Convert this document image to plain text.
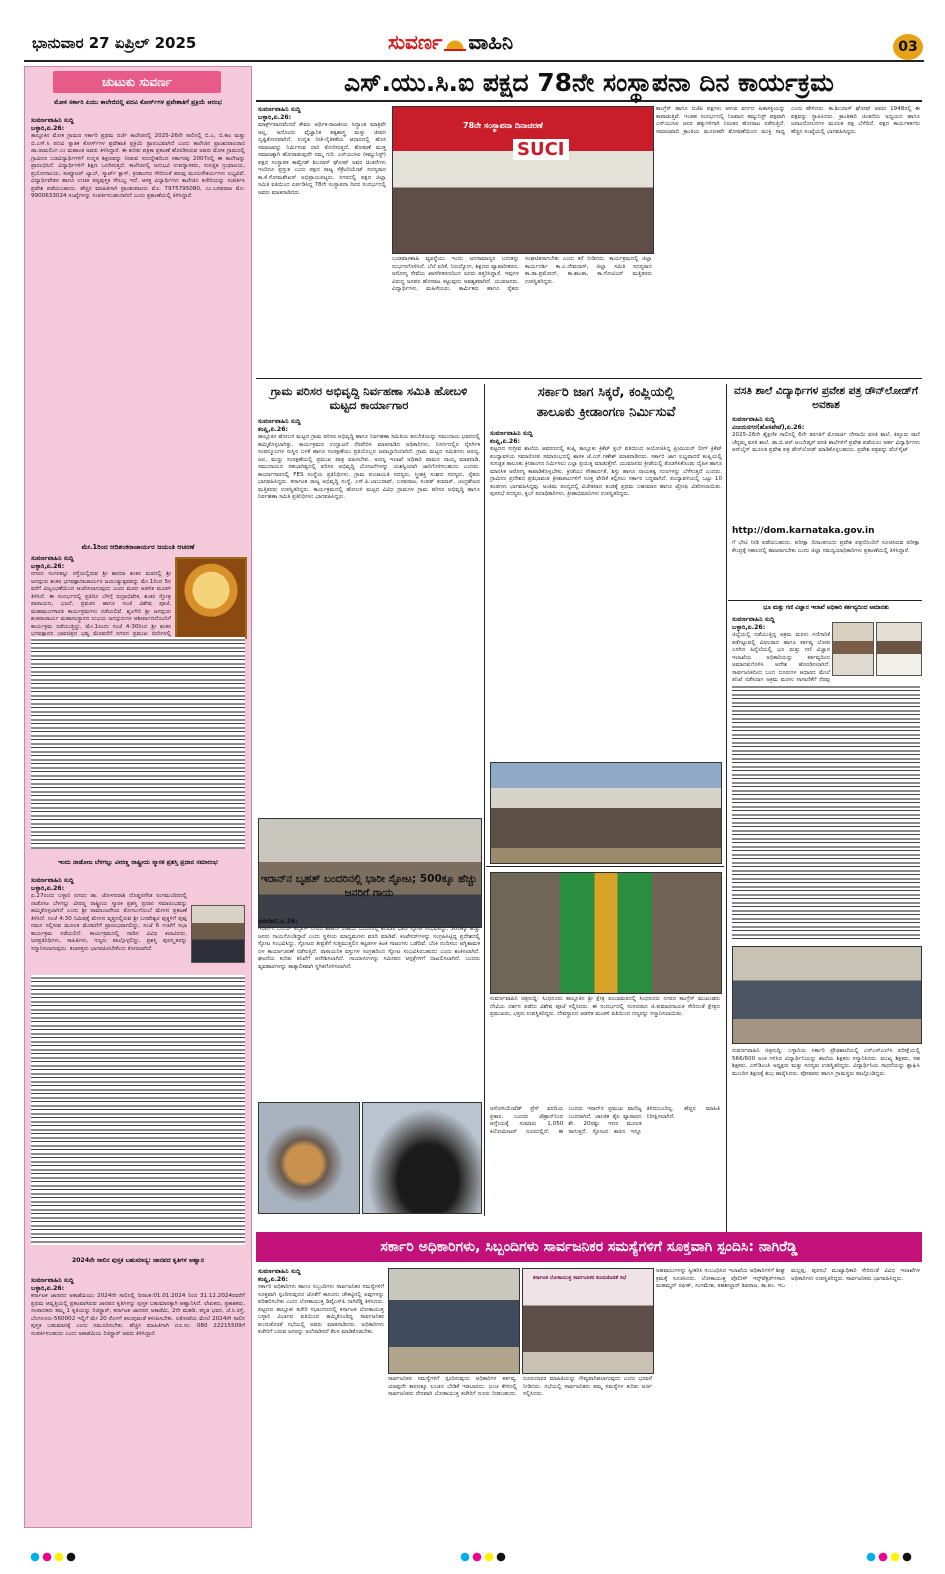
ಭಾನುವಾರ 27 ಏಪ್ರಿಲ್ 2025	ಸುವರ್ಣ ವಾಹಿನಿ	03
ಚುಟುಕು ಸುವರ್ಣ
ಮೋಕ ಸರ್ಕಾರಿ ಪಿಯು ಕಾಲೇಜಿನಲ್ಲಿ ಪದವಿ ಕೋರ್ಸ್‌ಗಳ ಪ್ರವೇಶಾತಿಗೆ ಪ್ರಕ್ರಿಯೆ ಆರಂಭ
ಸುವರ್ಣವಾಹಿನಿ ಸುದ್ದಿ
ಬಳ್ಳಾರಿ,ಏ.26:
ತಾಲ್ಲೂಕಿನ ಮೋಕ ಗ್ರಾಮದ ಸರ್ಕಾರಿ ಪ್ರಥಮ ದರ್ಜೆ ಕಾಲೇಜಿನಲ್ಲಿ 2025-26ನೇ ಸಾಲಿನಲ್ಲಿ ಬಿ.ಎ, ಬಿ.ಕಾಂ ಮತ್ತು ಬಿ.ಎಸ್.ಸಿ ಪದವಿ ಸ್ನಾತಕ ಕೋರ್ಸ್‌ಗಳ ಪ್ರವೇಶಾತಿ ಪ್ರಕ್ರಿಯೆ ಪ್ರಾರಂಭವಾಗಿದೆ ಎಂದು ಕಾಲೇಜಿನ ಪ್ರಾಂಶುಪಾಲರಾದ ಡಾ.ರಾಮಲಿಂಗ ಎಂ ಮಹಾಂತ ಅವರು ತಿಳಿಸಿದ್ದಾರೆ. ಈ ಕುರಿತು ಪತ್ರಿಕಾ ಪ್ರಕಟಣೆ ಹೊರಡಿಸಿರುವ ಅವರು ಮೋಕ ಗ್ರಾಮದಲ್ಲಿ ಗ್ರಾಮೀಣ ಬಡವಿದ್ಯಾರ್ಥಿಗಳಿಗೆ ಉನ್ನತ ಶಿಕ್ಷಣವನ್ನು ನೀಡುವ ಸದುದ್ದೇಶದಿಂದ ಸರ್ಕಾರವು 2007ರಲ್ಲಿ ಈ ಕಾಲೇಜನ್ನು ಪ್ರಾರಂಭಿಸಿದೆ. ವಿದ್ಯಾರ್ಥಿಗಳಿಗೆ ಶಿಕ್ಷಣ ಒದಗಿಸುತ್ತಿದೆ. ಕಾಲೇಜಿನಲ್ಲಿ ಅನುಭವಿ ಉಪನ್ಯಾಸಕರು, ಸುಸಜ್ಜಿತ ಗ್ರಂಥಾಲಯ, ಪ್ರಯೋಗಾಲಯ, ಕಂಪ್ಯೂಟರ್ ಲ್ಯಾಬ್, ಸ್ಮಾರ್ಟ್ ಕ್ಲಾಸ್, ಕ್ರೀಡಾಂಗಣ ಸೇರಿದಂತೆ ಹಲವು ಮೂಲಸೌಕರ್ಯಗಳು ಲಭ್ಯವಿವೆ. ವಿದ್ಯಾರ್ಥಿವೇತನ ಹಾಗೂ ಉಚಿತ ಪಠ್ಯಪುಸ್ತಕ ಸೌಲಭ್ಯ ಇದೆ. ಆಸಕ್ತ ವಿದ್ಯಾರ್ಥಿಗಳು ಕಾಲೇಜಿನ ಕಚೇರಿಯನ್ನು ಸಂಪರ್ಕಿಸಿ ಪ್ರವೇಶ ಪಡೆಯಬಹುದು. ಹೆಚ್ಚಿನ ಮಾಹಿತಿಗಾಗಿ ಪ್ರಾಂಶುಪಾಲರು ಮೊ: 7975795080, ಎಂ.ಬಸವರಾಜ ಮೊ: 9900633024 ಸಂಖ್ಯೆಗಳನ್ನು ಸಂಪರ್ಕಿಸಬಹುದಾಗಿದೆ ಎಂದು ಪ್ರಕಟಣೆಯಲ್ಲಿ ತಿಳಿಸಿದ್ದಾರೆ.
ಮೇ.1ರಿಂದ ಆದಿಶಂಕರಾಚಾರ್ಯರ ಜಯಂತಿ ಆಚರಣೆ
ಸುವರ್ಣವಾಹಿನಿ ಸುದ್ದಿ
ಬಳ್ಳಾರಿ,ಏ.26:
ನಗರದ ಸಂಗನಕಲ್ಲು ರಸ್ತೆಯಲ್ಲಿರುವ ಶ್ರೀ ಶಾರದಾ ಶಂಕರ ಮಠದಲ್ಲಿ ಶ್ರೀ ಜಗದ್ಗುರು ಶಂಕರ ಭಗವತ್ಪಾದಾಚಾರ್ಯರ ಜಯಂತ್ಯುತ್ಸವವನ್ನು ಮೇ.1ರಿಂದ 5ರ ವರೆಗೆ ವಿಜೃಂಭಣೆಯಿಂದ ಆಚರಿಸಲಾಗುವುದು ಎಂದು ಮಠದ ಆಡಳಿತ ಮಂಡಳಿ ತಿಳಿಸಿದೆ. ಈ ಸಂದರ್ಭದಲ್ಲಿ ಪ್ರತಿದಿನ ಬೆಳಿಗ್ಗೆ ರುದ್ರಾಭಿಷೇಕ, ಶಂಕರ ಸ್ತೋತ್ರ ಪಾರಾಯಣ, ಭಜನೆ, ಪ್ರವಚನ ಹಾಗೂ ಸಂಜೆ ವಿಶೇಷ ಪೂಜೆ, ಮಹಾಮಂಗಳಾರತಿ ಕಾರ್ಯಕ್ರಮಗಳು ನಡೆಯಲಿವೆ. ಶೃಂಗೇರಿ ಶ್ರೀ ಜಗದ್ಗುರು ಶಂಕರಾಚಾರ್ಯ ಮಹಾಸಂಸ್ಥಾನದ ಉಭಯ ಜಗದ್ಗುರುಗಳ ಆಶೀರ್ವಾದದೊಂದಿಗೆ ಕಾರ್ಯಕ್ರಮ ನಡೆಯುತ್ತಿದ್ದು, ಮೇ.1ರಂದು ಸಂಜೆ 4-30ರಿಂದ ಶ್ರೀ ಶಂಕರ ಭಗವತ್ಪಾದರ ಭಾವಚಿತ್ರದ ಭವ್ಯ ಮೆರವಣಿಗೆ ನಗರದ ಪ್ರಮುಖ ಬೀದಿಗಳಲ್ಲಿ
ಇಂದು ನಾಡೋಜ ಬೆಳಗಲ್ಲು ವೀರಣ್ಣ ರಾಷ್ಟ್ರೀಯ ಸ್ಮಾರಕ ಪ್ರಶಸ್ತಿ ಪ್ರದಾನ ಸಮಾರಂಭ
ಸುವರ್ಣವಾಹಿನಿ ಸುದ್ದಿ
ಬಳ್ಳಾರಿ,ಏ.26:
ಏ.27ರಂದು ಬಳ್ಳಾರಿ ನಗರದ ಡಾ. ಜೋಳದರಾಶಿ ದೊಡ್ಡನಗೌಡ ರಂಗಮಂದಿರದಲ್ಲಿ ನಾಡೋಜ ಬೆಳಗಲ್ಲು ವೀರಣ್ಣ ರಾಷ್ಟ್ರೀಯ ಸ್ಮಾರಕ ಪ್ರಶಸ್ತಿ ಪ್ರದಾನ ಸಮಾರಂಭವನ್ನು ಹಮ್ಮಿಕೊಳ್ಳಲಾಗಿದೆ ಎಂದು ಶ್ರೀ ರಾಮಾಂಜನೇಯ ತೊಗಲುಗೊಂಬೆ ಮೇಳದ ಪ್ರಕಟಣೆ ತಿಳಿಸಿದೆ. ಸಂಜೆ 4:30 ನಿಮಿಷಕ್ಕೆ ಮೇಳದ ವೃತ್ತದಲ್ಲಿರುವ ಶ್ರೀ ಬಸವೇಶ್ವರ ಪುತ್ಥಳಿಗೆ ಪುಷ್ಪ ನಮನ ಸಲ್ಲಿಸುವ ಮೂಲಕ ಮೆರವಣಿಗೆ ಪ್ರಾರಂಭವಾಗಲಿದ್ದು, ಸಂಜೆ 6 ಗಂಟೆಗೆ ಸಭಾ ಕಾರ್ಯಕ್ರಮ ನಡೆಯಲಿದೆ. ಕಾರ್ಯಕ್ರಮದಲ್ಲಿ ನಾಡಿನ ವಿವಿಧ ಕಲಾವಿದರು, ಜನಪ್ರತಿನಿಧಿಗಳು, ಸಾಹಿತಿಗಳು, ಗಣ್ಯರು ಪಾಲ್ಗೊಳ್ಳಲಿದ್ದು, ಪ್ರಶಸ್ತಿ ಪುರಸ್ಕೃತರನ್ನು ಸನ್ಮಾನಿಸಲಾಗುವುದು. ಕಲಾಸಕ್ತರು ಭಾಗವಹಿಸಬೇಕೆಂದು ಕೋರಲಾಗಿದೆ.
2024ನೇ ಸಾಲಿನ ಪುಸ್ತಕ ಬಹುಮಾನ್ಯ: ಜಾನಪದ ಕೃತಿಗಳ ಆಹ್ವಾನ
ಸುವರ್ಣವಾಹಿನಿ ಸುದ್ದಿ
ಬಳ್ಳಾರಿ,ಏ.26:
ಕರ್ನಾಟಕ ಜಾನಪದ ಅಕಾಡೆಮಿಯು 2024ನೇ ಸಾಲಿನಲ್ಲಿ ದಿನಾಂಕ:01.01.2024 ರಿಂದ 31.12.2024ರವರೆಗೆ ಪ್ರಥಮ ಆವೃತ್ತಿಯಲ್ಲಿ ಪ್ರಕಟವಾಗಿರುವ ಜಾನಪದ ಕೃತಿಗಳನ್ನು ಪುಸ್ತಕ ಬಹುಮಾನಕ್ಕಾಗಿ ಆಹ್ವಾನಿಸಿದೆ. ಲೇಖಕರು, ಪ್ರಕಾಶಕರು, ಸಂಪಾದಕರು ತಮ್ಮ 1 ಕೃತಿಯನ್ನು ರಿಜಿಸ್ಟ್ರಾರ್, ಕರ್ನಾಟಕ ಜಾನಪದ ಅಕಾಡೆಮಿ, 2ನೇ ಮಹಡಿ, ಕನ್ನಡ ಭವನ, ಜೆ.ಸಿ.ರಸ್ತೆ, ಬೆಂಗಳೂರು-560002 ಇಲ್ಲಿಗೆ ಮೇ 20 ರೊಳಗೆ ತಲುಪುವಂತೆ ಕಳುಹಿಸಬೇಕು. ಲಕೋಟೆಯ ಮೇಲೆ 2024ನೇ ಸಾಲಿನ ಪುಸ್ತಕ ಬಹುಮಾನಕ್ಕೆ ಎಂದು ನಮೂದಿಸಬೇಕು. ಹೆಚ್ಚಿನ ಮಾಹಿತಿಗಾಗಿ ದೂ.ಸಂ: 080 22215509ಗೆ ಸಂಪರ್ಕಿಸಬಹುದು ಎಂದು ಅಕಾಡೆಮಿಯ ರಿಜಿಸ್ಟ್ರಾರ್ ಅವರು ತಿಳಿಸಿದ್ದಾರೆ.
ಎಸ್.ಯು.ಸಿ.ಐ ಪಕ್ಷದ 78ನೇ ಸಂಸ್ಥಾಪನಾ ದಿನ ಕಾರ್ಯಕ್ರಮ
ಸುವರ್ಣವಾಹಿನಿ ಸುದ್ದಿ
ಬಳ್ಳಾರಿ,ಏ.26:
ಮಾರ್ಕ್ಸ್‌ವಾದವೆಂದರೆ ಕೇವಲ ಆರ್ಥಿಕ-ರಾಜಕೀಯ ಸಿದ್ಧಾಂತ ಮಾತ್ರವೇ ಅಲ್ಲ, ಅದೊಂದು ವೈಜ್ಞಾನಿಕ ತತ್ವಶಾಸ್ತ್ರ ಮತ್ತು ಜೀವನ ದೃಷ್ಟಿಕೋನವಾಗಿದೆ. ಉನ್ನತ ನೀತಿ-ನೈತಿಕತೆಯ ಆಧಾರದಲ್ಲಿ ಹೊಸ ಸಮಾಜವನ್ನು ನಿರ್ಮಿಸುವ ದಾರಿ ತೋರಿಸುತ್ತದೆ. ಶೋಷಣೆ ಮುಕ್ತ ಸಮಾಜಕ್ಕಾಗಿ ಹೋರಾಡುವುದೇ ನಮ್ಮ ಗುರಿ. ಎಸ್‌ಯುಸಿಐ (ಕಮ್ಯುನಿಸ್ಟ್) ಪಕ್ಷದ ಸಂಸ್ಥಾಪಕ ಕಾಮ್ರೇಡ್ ಶಿಬದಾಸ್ ಘೋಷ್ ಅವರ ಚಿಂತನೆಗಳು ಇಂದಿಗೂ ಪ್ರಸ್ತುತ ಎಂದು ಪಕ್ಷದ ರಾಜ್ಯ ಸೆಕ್ರೆಟರಿಯೇಟ್ ಸದಸ್ಯರಾದ ಕಾ.ಕೆ.ಸೋಮಶೇಖರ್ ಅಭಿಪ್ರಾಯಪಟ್ಟರು. ನಗರದಲ್ಲಿ ಪಕ್ಷದ ಜಿಲ್ಲಾ ಸಮಿತಿ ವತಿಯಿಂದ ಏರ್ಪಡಿಸಿದ್ದ 78ನೇ ಸಂಸ್ಥಾಪನಾ ದಿನದ ಸಂದರ್ಭದಲ್ಲಿ ಅವರು ಮಾತನಾಡಿದರು.
78ನೇ ಸಂಸ್ಥಾಪನಾ ದಿನಾಚರಣೆ
SUCI
ಬಂಡವಾಳಶಾಹಿ ವ್ಯವಸ್ಥೆಯು ಇಂದು ಜನಸಾಮಾನ್ಯರ ಬದುಕನ್ನು ದುರ್ಭರಗೊಳಿಸಿದೆ. ಬೆಲೆ ಏರಿಕೆ, ನಿರುದ್ಯೋಗ, ಶಿಕ್ಷಣದ ವ್ಯಾಪಾರೀಕರಣ, ಆರೋಗ್ಯ ಸೇವೆಯ ಖಾಸಗೀಕರಣದಿಂದ ಜನರು ತತ್ತರಿಸಿದ್ದಾರೆ. ಇವುಗಳ ವಿರುದ್ಧ ಜನಪರ ಹೋರಾಟ ಕಟ್ಟುವುದು ಅವಶ್ಯಕವಾಗಿದೆ. ಯುವಜನರು, ವಿದ್ಯಾರ್ಥಿಗಳು, ಮಹಿಳೆಯರು, ಕಾರ್ಮಿಕರು ಹಾಗೂ ರೈತರು ಸಂಘಟಿತರಾಗಬೇಕು ಎಂದು ಕರೆ ನೀಡಿದರು. ಕಾರ್ಯಕ್ರಮದಲ್ಲಿ ಜಿಲ್ಲಾ ಕಾರ್ಯದರ್ಶಿ ಕಾ.ಎ.ದೇವದಾಸ್, ಜಿಲ್ಲಾ ಸಮಿತಿ ಸದಸ್ಯರಾದ ಕಾ.ಡಾ.ಪ್ರಮೋದ್, ಕಾ.ಶಾಂತಾ, ಕಾ.ಗೋವಿಂದ್ ಮತ್ತಿತರರು ಉಪಸ್ಥಿತರಿದ್ದರು.
ಕಾಂಗ್ರೆಸ್ ಹಾಗೂ ಬಿಜೆಪಿ ಪಕ್ಷಗಳು ಆಳುವ ವರ್ಗದ ಹಿತಾಸಕ್ತಿಯನ್ನು ಕಾಪಾಡುತ್ತಿವೆ. ಇಂತಹ ಸಂದರ್ಭದಲ್ಲಿ ನಿಜವಾದ ಕಮ್ಯುನಿಸ್ಟ್ ಪಕ್ಷವಾಗಿ ಎಸ್‌ಯುಸಿಐ ಜನರ ಹಕ್ಕುಗಳಿಗಾಗಿ ನಿರಂತರ ಹೋರಾಟ ನಡೆಸುತ್ತಿದೆ. ಸಮಾಜವಾದಿ ಕ್ರಾಂತಿಯ ಮೂಲಕವೇ ಶೋಷಣೆಯಿಂದ ಮುಕ್ತಿ ಸಾಧ್ಯ ಎಂದು ಹೇಳಿದರು. ಕಾ.ಶಿಬದಾಸ್ ಘೋಷ್ ಅವರು 1948ರಲ್ಲಿ ಈ ಪಕ್ಷವನ್ನು ಸ್ಥಾಪಿಸಿದರು. ಕ್ರಾಂತಿಕಾರಿ ಚಿಂತನೆಯ ಅಧ್ಯಯನ ಹಾಗೂ ಜನಾಂದೋಲನಗಳ ಮೂಲಕ ಪಕ್ಷ ಬೆಳೆದಿದೆ. ಪಕ್ಷದ ಕಾರ್ಯಕರ್ತರು ಹೆಚ್ಚಿನ ಸಂಖ್ಯೆಯಲ್ಲಿ ಭಾಗವಹಿಸಿದ್ದರು.
ಗ್ರಾಮ ಪರಿಸರ ಅಭಿವೃದ್ದಿ ನಿರ್ವಹಣಾ ಸಮಿತಿ ಹೋಬಳಿ ಮಟ್ಟದ ಕಾರ್ಯಾಗಾರ
ಸುವರ್ಣವಾಹಿನಿ ಸುದ್ದಿ
ಕಂಪ್ಲಿ,ಏ.26:
ತಾಲ್ಲೂಕಿನ ಹೋಬಳಿ ಮಟ್ಟದ ಗ್ರಾಮ ಪರಿಸರ ಅಭಿವೃದ್ಧಿ ಹಾಗೂ ನಿರ್ವಹಣಾ ಸಮಿತಿಯ ತರಬೇತಿಯನ್ನು ಸಮುದಾಯ ಭವನದಲ್ಲಿ ಹಮ್ಮಿಕೊಳ್ಳಲಾಗಿತ್ತು. ಕಾರ್ಯಕ್ರಮದ ಉದ್ಘಾಟನೆ ನೆರವೇರಿಸಿ ಮಾತನಾಡಿದ ಅಧಿಕಾರಿಗಳು, ನಿಸರ್ಗದಲ್ಲಿನ ನೈಸರ್ಗಿಕ ಸಂಪನ್ಮೂಲಗಳ ಸುಸ್ಥಿರ ಬಳಕೆ ಹಾಗೂ ಸಂರಕ್ಷಣೆಯು ಪ್ರತಿಯೊಬ್ಬರ ಜವಾಬ್ದಾರಿಯಾಗಿದೆ. ಗ್ರಾಮ ಮಟ್ಟದ ಸಮಿತಿಗಳು ಅರಣ್ಯ, ಜಲ, ಮಣ್ಣು ಸಂರಕ್ಷಣೆಯಲ್ಲಿ ಪ್ರಮುಖ ಪಾತ್ರ ವಹಿಸಬೇಕು. ಅರಣ್ಯ ಇಲಾಖೆ ಅಧಿಕಾರಿ ವಾಮನ ನಾಯ್ಕ ಮಾತನಾಡಿ, ಸಮುದಾಯದ ಸಹಭಾಗಿತ್ವದಲ್ಲಿ ಪರಿಸರ ಅಭಿವೃದ್ಧಿ ಯೋಜನೆಗಳನ್ನು ಯಶಸ್ವಿಯಾಗಿ ಜಾರಿಗೊಳಿಸಬಹುದು ಎಂದರು. ಕಾರ್ಯಾಗಾರದಲ್ಲಿ FES ಸಂಸ್ಥೆಯ ಪ್ರತಿನಿಧಿಗಳು, ಗ್ರಾಮ ಪಂಚಾಯತಿ ಸದಸ್ಯರು, ಸ್ತ್ರೀಶಕ್ತಿ ಸಂಘದ ಸದಸ್ಯರು, ರೈತರು ಭಾಗವಹಿಸಿದ್ದರು. ಕರ್ನಾಟಕ ರಾಜ್ಯ ಅಭಿವೃದ್ಧಿ ಸಂಸ್ಥೆ, ಎಸ್.ಪಿ.ಬಾಬುರಾವ್, ಬಸವರಾಜ, ಸಂಪತ್ ಕುಮಾರ್, ಚಂದ್ರಶೇಖರ ಮತ್ತಿತರರು ಉಪಸ್ಥಿತರಿದ್ದರು. ಕಾರ್ಯಕ್ರಮದಲ್ಲಿ ಹೋಬಳಿ ಮಟ್ಟದ ವಿವಿಧ ಗ್ರಾಮಗಳ ಗ್ರಾಮ ಪರಿಸರ ಅಭಿವೃದ್ಧಿ ಹಾಗೂ ನಿರ್ವಹಣಾ ಸಮಿತಿ ಪ್ರತಿನಿಧಿಗಳು ಭಾಗವಹಿಸಿದ್ದರು.
ಸರ್ಕಾರಿ ಜಾಗ ಸಿಕ್ಕರೆ, ಕಂಪ್ಲಿಯಲ್ಲಿ
ತಾಲೂಕು ಕ್ರೀಡಾಂಗಣ ನಿರ್ಮಿಸುವೆ
ಸುವರ್ಣವಾಹಿನಿ ಸುದ್ದಿ
ಕಂಪ್ಲಿ,ಏ.26:
ಪಟ್ಟಣದ ಸುಗ್ರೀವ ಶಾಲೆಯ ಆವರಣದಲ್ಲಿ ಕಂಪ್ಲಿ ತಾಲ್ಲೂಕು ಕ್ರಿಕೆಟ್ ಕ್ಲಬ್ ವತಿಯಿಂದ ಆಯೋಜಿಸಿದ್ದ ಪ್ರೀಮಿಯರ್ ಲೀಗ್ ಕ್ರಿಕೆಟ್ ಪಂದ್ಯಾವಳಿಯ ಸಮಾರೋಪ ಸಮಾರಂಭದಲ್ಲಿ ಶಾಸಕ ಜೆ.ಎನ್.ಗಣೇಶ್ ಮಾತನಾಡಿದರು. ಸರ್ಕಾರಿ ಜಾಗ ಲಭ್ಯವಾದರೆ ಕಂಪ್ಲಿಯಲ್ಲಿ ಸುಸಜ್ಜಿತ ತಾಲೂಕು ಕ್ರೀಡಾಂಗಣ ನಿರ್ಮಿಸಲು ಎಲ್ಲಾ ಪ್ರಯತ್ನ ಮಾಡುತ್ತೇನೆ. ಯುವಜನರು ಕ್ರೀಡೆಯಲ್ಲಿ ತೊಡಗಿಸಿಕೊಂಡು ದೈಹಿಕ ಹಾಗೂ ಮಾನಸಿಕ ಆರೋಗ್ಯ ಕಾಪಾಡಿಕೊಳ್ಳಬೇಕು. ಕ್ರೀಡೆಯು ಸೌಹಾರ್ದತೆ, ಶಿಸ್ತು ಹಾಗೂ ನಾಯಕತ್ವ ಗುಣಗಳನ್ನು ಬೆಳೆಸುತ್ತದೆ ಎಂದರು. ಗ್ರಾಮೀಣ ಪ್ರದೇಶದ ಪ್ರತಿಭಾವಂತ ಕ್ರೀಡಾಪಟುಗಳಿಗೆ ಸೂಕ್ತ ವೇದಿಕೆ ಕಲ್ಪಿಸಲು ಸರ್ಕಾರ ಬದ್ಧವಾಗಿದೆ. ಪಂದ್ಯಾವಳಿಯಲ್ಲಿ ಒಟ್ಟು 10 ತಂಡಗಳು ಭಾಗವಹಿಸಿದ್ದವು. ಅಂತಿಮ ಪಂದ್ಯದಲ್ಲಿ ವಿಜೇತರಾದ ತಂಡಕ್ಕೆ ಪ್ರಥಮ ಬಹುಮಾನ ಹಾಗೂ ಟ್ರೋಫಿ ವಿತರಿಸಲಾಯಿತು. ಪುರಸಭೆ ಸದಸ್ಯರು, ಕ್ಲಬ್ ಪದಾಧಿಕಾರಿಗಳು, ಕ್ರೀಡಾಭಿಮಾನಿಗಳು ಉಪಸ್ಥಿತರಿದ್ದರು.
ವಸತಿ ಶಾಲೆ ವಿದ್ಯಾರ್ಥಿಗಳ ಪ್ರವೇಶ ಪತ್ರ ಡೌನ್‌ಲೋಡ್‌ಗೆ ಅವಕಾಶ
ಸುವರ್ಣವಾಹಿನಿ ಸುದ್ದಿ
ವಿಜಯನಗರ(ಹೊಸಪೇಟೆ),ಏ.26:
2025-26ನೇ ಶೈಕ್ಷಣಿಕ ಸಾಲಿನಲ್ಲಿ 6ನೇ ತರಗತಿಗೆ ಮೊರಾರ್ಜಿ ದೇಸಾಯಿ ವಸತಿ ಶಾಲೆ, ಕಿತ್ತೂರು ರಾಣಿ ಚೆನ್ನಮ್ಮ ವಸತಿ ಶಾಲೆ, ಡಾ.ಬಿ.ಆರ್.ಅಂಬೇಡ್ಕರ್ ವಸತಿ ಶಾಲೆಗಳಿಗೆ ಪ್ರವೇಶ ಪಡೆಯಲು ಅರ್ಹ ವಿದ್ಯಾರ್ಥಿಗಳು ಆನ್‌ಲೈನ್ ಮೂಲಕ ಪ್ರವೇಶ ಪತ್ರ ಡೌನ್‌ಲೋಡ್ ಮಾಡಿಕೊಳ್ಳಬಹುದು. ಪ್ರವೇಶ ಪತ್ರವನ್ನು ವೆಬ್‌ಸೈಟ್
http://dom.karnataka.gov.in
ಗೆ ಭೇಟಿ ನೀಡಿ ಪಡೆಯಬಹುದು. ಪರೀಕ್ಷಾ ದಿನಾಂಕದಂದು ಪ್ರವೇಶ ಪತ್ರದೊಂದಿಗೆ ಸೂಚಿಸಿರುವ ಪರೀಕ್ಷಾ ಕೇಂದ್ರಕ್ಕೆ ಸಕಾಲದಲ್ಲಿ ಹಾಜರಾಗಬೇಕು ಎಂದು ಜಿಲ್ಲಾ ಸಮನ್ವಯಾಧಿಕಾರಿಗಳು ಪ್ರಕಟಣೆಯಲ್ಲಿ ತಿಳಿಸಿದ್ದಾರೆ.
ಭೂ ಮತ್ತು ಗಣಿ ವಿಜ್ಞಾನ ಇಲಾಖೆ ಅಧಿಕಾರಿ ಕರ್ತವ್ಯದಿಂದ ಅಮಾನತು
ಸುವರ್ಣವಾಹಿನಿ ಸುದ್ದಿ
ಬಳ್ಳಾರಿ,ಏ.26:
ಜಿಲ್ಲೆಯಲ್ಲಿ ನಡೆಯುತ್ತಿದ್ದ ಅಕ್ರಮ ಮರಳು ಗಣಿಗಾರಿಕೆ ತಡೆಗಟ್ಟುವಲ್ಲಿ ವಿಫಲರಾದ ಹಾಗೂ ಕರ್ತವ್ಯ ಲೋಪ ಎಸಗಿದ ಹಿನ್ನೆಲೆಯಲ್ಲಿ ಭೂ ಮತ್ತು ಗಣಿ ವಿಜ್ಞಾನ ಇಲಾಖೆಯ ಅಧಿಕಾರಿಯನ್ನು ಕರ್ತವ್ಯದಿಂದ ಅಮಾನತುಗೊಳಿಸಿ ಆದೇಶ ಹೊರಡಿಸಲಾಗಿದೆ. ಸಾರ್ವಜನಿಕರಿಂದ ಬಂದ ದೂರುಗಳ ಆಧಾರದ ಮೇಲೆ ತನಿಖೆ ನಡೆಸಿದಾಗ ಅಕ್ರಮ ಮರಳು ಸಾಗಾಣಿಕೆಗೆ ನೆರವು
ಸುವರ್ಣವಾಹಿನಿ ಚಿತ್ರಸುದ್ದಿ: ಬಳ್ಳಾರಿಯ ಸರ್ಕಾರಿ ಪ್ರೌಢಶಾಲೆಯಲ್ಲಿ ಎಸ್‌ಎಸ್‌ಎಲ್‌ಸಿ ಪರೀಕ್ಷೆಯಲ್ಲಿ 566/600 ಅಂಕ ಗಳಿಸಿದ ವಿದ್ಯಾರ್ಥಿನಿಯನ್ನು ಶಾಲೆಯ ಶಿಕ್ಷಕರು ಸನ್ಮಾನಿಸಿದರು. ಮುಖ್ಯ ಶಿಕ್ಷಕರು, ಸಹ ಶಿಕ್ಷಕರು, ಎಸ್‌ಡಿಎಂಸಿ ಅಧ್ಯಕ್ಷರು ಮತ್ತು ಸದಸ್ಯರು ಉಪಸ್ಥಿತರಿದ್ದರು. ವಿದ್ಯಾರ್ಥಿನಿಯ ಸಾಧನೆಯನ್ನು ಶ್ಲಾಘಿಸಿ ಮುಂದಿನ ಶಿಕ್ಷಣಕ್ಕೆ ಶುಭ ಹಾರೈಸಿದರು. ಪೋಷಕರು ಹಾಗೂ ಗ್ರಾಮಸ್ಥರು ಪಾಲ್ಗೊಂಡಿದ್ದರು.
ಇರಾನ್‌ನ ಬೃಹತ್ ಬಂದರಿನಲ್ಲಿ ಭಾರೀ ಸ್ಫೋಟ; 500ಕ್ಕೂ ಹೆಚ್ಚು ಜನರಿಗೆ ಗಾಯ
ನವದೆಹಲಿ,ಏ.26:
ಇರಾನ್‌ನ ಬಂದರ್ ಅಬ್ಬಾಸ್ ನಗರದ ಶಾಹಿದ್ ರಜಾಯಿ ಬಂದರಿನಲ್ಲಿ ಶನಿವಾರ ಭಾರೀ ಸ್ಫೋಟ ಸಂಭವಿಸಿದ್ದು, 500ಕ್ಕೂ ಹೆಚ್ಚು ಜನರು ಗಾಯಗೊಂಡಿದ್ದಾರೆ ಎಂದು ಸ್ಥಳೀಯ ಮಾಧ್ಯಮಗಳು ವರದಿ ಮಾಡಿವೆ. ಕಂಟೇನರ್‌ಗಳನ್ನು ಸಂಗ್ರಹಿಸಿಟ್ಟಿದ್ದ ಪ್ರದೇಶದಲ್ಲಿ ಸ್ಫೋಟ ಸಂಭವಿಸಿದ್ದು, ಸ್ಫೋಟದ ತೀವ್ರತೆಗೆ ಸುತ್ತಮುತ್ತಲಿನ ಕಟ್ಟಡಗಳ ಕಿಟಕಿ ಗಾಜುಗಳು ಒಡೆದಿವೆ. ಬೆಂಕಿ ನಂದಿಸಲು ಅಗ್ನಿಶಾಮಕ ದಳ ಕಾರ್ಯಾಚರಣೆ ನಡೆಸುತ್ತಿದೆ. ರಾಸಾಯನಿಕ ವಸ್ತುಗಳ ಸಂಗ್ರಹದಿಂದ ಸ್ಫೋಟ ಸಂಭವಿಸಿರಬಹುದು ಎಂದು ಶಂಕಿಸಲಾಗಿದೆ. ಘಟನೆಯ ಕುರಿತು ತನಿಖೆಗೆ ಆದೇಶಿಸಲಾಗಿದೆ. ಗಾಯಾಳುಗಳನ್ನು ಸಮೀಪದ ಆಸ್ಪತ್ರೆಗಳಿಗೆ ದಾಖಲಿಸಲಾಗಿದೆ. ಬಂದರು ವ್ಯವಹಾರಗಳನ್ನು ತಾತ್ಕಾಲಿಕವಾಗಿ ಸ್ಥಗಿತಗೊಳಿಸಲಾಗಿದೆ.
ಸುವರ್ಣವಾಹಿನಿ ಚಿತ್ರಸುದ್ದಿ: ಸಿಂಧನೂರು ತಾಲ್ಲೂಕಿನ ಶ್ರೀ ಕ್ಷೇತ್ರ ಅಂಬಾಮಠದಲ್ಲಿ ಸಿಂಧನೂರು ನಗರದ ಕಾಂಗ್ರೆಸ್ ಮುಖಂಡರು ದೇವಿಯ ದರ್ಶನ ಪಡೆದು ವಿಶೇಷ ಪೂಜೆ ಸಲ್ಲಿಸಿದರು. ಈ ಸಂದರ್ಭದಲ್ಲಿ ಸಂಸದರಾದ ಜಿ.ಕುಮಾರನಾಯಕ ಸೇರಿದಂತೆ ಕ್ಷೇತ್ರದ ಪ್ರಮುಖರು, ಭಕ್ತರು ಉಪಸ್ಥಿತರಿದ್ದರು. ದೇವಸ್ಥಾನದ ಆಡಳಿತ ಮಂಡಳಿ ವತಿಯಿಂದ ಗಣ್ಯರನ್ನು ಸನ್ಮಾನಿಸಲಾಯಿತು.
ಅಸೋಸಿಯೇಟೆಡ್ ಪ್ರೆಸ್ ವರದಿಯ ಪ್ರಕಾರ, ಬಂದರು ಟೆಹ್ರಾನ್‌ನಿಂದ ಆಗ್ನೇಯಕ್ಕೆ ಸುಮಾರು 1,050 ಕಿಲೋಮೀಟರ್ ದೂರದಲ್ಲಿದೆ. ಈ ಬಂದರು ಇರಾನ್‌ನ ಪ್ರಮುಖ ವಾಣಿಜ್ಯ ಬಂದರಾಗಿದೆ. ಜಾಗತಿಕ ತೈಲ ವ್ಯಾಪಾರದ ಶೇ. 20ರಷ್ಟು ಇದರ ಮೂಲಕ ಸಾಗುತ್ತದೆ. ಸ್ಫೋಟದ ಕಾರಣ ಇನ್ನೂ ತಿಳಿದುಬಂದಿಲ್ಲ. ಹೆಚ್ಚಿನ ಮಾಹಿತಿ ನಿರೀಕ್ಷಿಸಲಾಗಿದೆ.
ಸರ್ಕಾರಿ ಅಧಿಕಾರಿಗಳು, ಸಿಬ್ಬಂದಿಗಳು ಸಾರ್ವಜನಿಕರ ಸಮಸ್ಯೆಗಳಿಗೆ ಸೂಕ್ತವಾಗಿ ಸ್ಪಂದಿಸಿ: ನಾಗಿರೆಡ್ಡಿ
ಸುವರ್ಣವಾಹಿನಿ ಸುದ್ದಿ
ಕಂಪ್ಲಿ,ಏ.26:
ಸರ್ಕಾರಿ ಅಧಿಕಾರಿಗಳು ಹಾಗೂ ಸಿಬ್ಬಂದಿಗಳು ಸಾರ್ವಜನಿಕರ ಸಮಸ್ಯೆಗಳಿಗೆ ಸೂಕ್ತವಾಗಿ ಸ್ಪಂದಿಸುವುದರ ಜೊತೆಗೆ ಕಾನೂನು ಚೌಕಟ್ಟಿನಲ್ಲಿ ಅವುಗಳನ್ನು ಪರಿಹರಿಸಬೇಕು ಎಂದು ಲೋಕಾಯುಕ್ತ ಡಿವೈಎಸ್‌ಪಿ ನಾಗಿರೆಡ್ಡಿ ತಿಳಿಸಿದರು. ಪಟ್ಟಣದ ತಾಲ್ಲೂಕು ಕಚೇರಿ ಸಭಾಂಗಣದಲ್ಲಿ ಕರ್ನಾಟಕ ಲೋಕಾಯುಕ್ತ ಬಳ್ಳಾರಿ ವಿಭಾಗದ ವತಿಯಿಂದ ಹಮ್ಮಿಕೊಂಡಿದ್ದ ಸಾರ್ವಜನಿಕರ ಕುಂದುಕೊರತೆ ಸಭೆಯಲ್ಲಿ ಅವರು ಮಾತನಾಡಿದರು. ಅಧಿಕಾರಿಗಳು ಕಚೇರಿಗೆ ಬರುವ ಜನರನ್ನು ಅಲೆದಾಡಿಸದೆ ಕೆಲಸ ಮಾಡಿಕೊಡಬೇಕು.
ಕರ್ನಾಟಕ ಲೋಕಾಯುಕ್ತ ಸಾರ್ವಜನಿಕರ ಕುಂದುಕೊರತೆ ಸಭೆ
ಸಾರ್ವಜನಿಕರ ಸಮಸ್ಯೆಗಳಿಗೆ ಸ್ಪಂದಿಸುವುದು ಅಧಿಕಾರಿಗಳ ಕರ್ತವ್ಯ. ಯಾವುದೇ ಕಾರಣಕ್ಕೂ ಲಂಚದ ಬೇಡಿಕೆ ಇಡಬಾರದು. ಲಂಚ ಕೇಳಿದಲ್ಲಿ ಸಾರ್ವಜನಿಕರು ನೇರವಾಗಿ ಲೋಕಾಯುಕ್ತ ಕಚೇರಿಗೆ ದೂರು ನೀಡಬಹುದು. ದೂರುದಾರರ ಮಾಹಿತಿಯನ್ನು ಗೌಪ್ಯವಾಗಿಡಲಾಗುವುದು ಎಂದು ಭರವಸೆ ನೀಡಿದರು. ಸಭೆಯಲ್ಲಿ ಸಾರ್ವಜನಿಕರು ತಮ್ಮ ಸಮಸ್ಯೆಗಳ ಕುರಿತು ಅರ್ಜಿ ಸಲ್ಲಿಸಿದರು.
ಅಹವಾಲುಗಳನ್ನು ಸ್ವೀಕರಿಸಿ ಸಂಬಂಧಿಸಿದ ಇಲಾಖೆಯ ಅಧಿಕಾರಿಗಳಿಗೆ ಶೀಘ್ರ ಕ್ರಮಕ್ಕೆ ಸೂಚಿಸಿದರು. ಲೋಕಾಯುಕ್ತ ಪೊಲೀಸ್ ಇನ್ಸ್‌ಪೆಕ್ಟರ್‌ಗಳಾದ ಮಹಮ್ಮದ್ ರಫೀಕ್, ಸಂಗಮೇಶ, ತಹಶೀಲ್ದಾರ್ ಶಿವರಾಜ, ತಾ.ಪಂ. ಇಒ ಮಲ್ಲಪ್ಪ, ಪುರಸಭೆ ಮುಖ್ಯಾಧಿಕಾರಿ ಸೇರಿದಂತೆ ವಿವಿಧ ಇಲಾಖೆಗಳ ಅಧಿಕಾರಿಗಳು ಉಪಸ್ಥಿತರಿದ್ದರು. ಸಾರ್ವಜನಿಕರು ಭಾಗವಹಿಸಿದ್ದರು.
